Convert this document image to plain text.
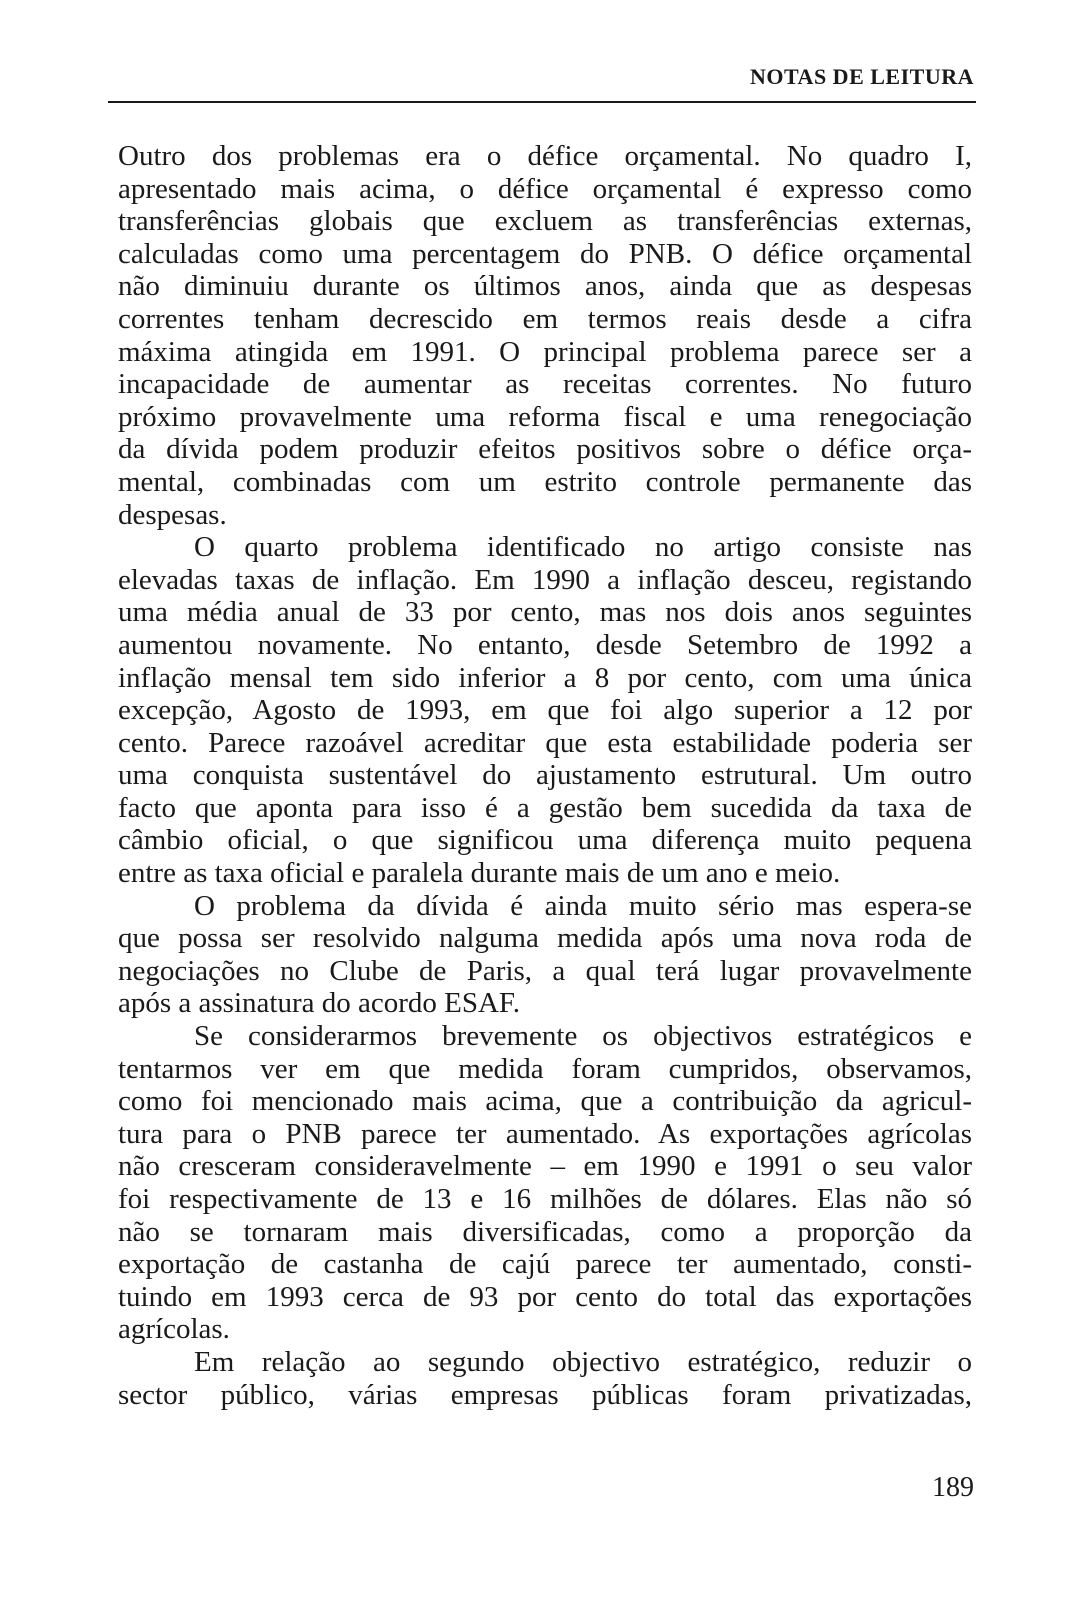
NOTAS DE LEITURA
Outro dos problemas era o défice orçamental. No quadro I,
apresentado mais acima, o défice orçamental é expresso como
transferências globais que excluem as transferências externas,
calculadas como uma percentagem do PNB. O défice orçamental
não diminuiu durante os últimos anos, ainda que as despesas
correntes tenham decrescido em termos reais desde a cifra
máxima atingida em 1991. O principal problema parece ser a
incapacidade de aumentar as receitas correntes. No futuro
próximo provavelmente uma reforma fiscal e uma renegociação
da dívida podem produzir efeitos positivos sobre o défice orça-
mental, combinadas com um estrito controle permanente das
despesas.
O quarto problema identificado no artigo consiste nas
elevadas taxas de inflação. Em 1990 a inflação desceu, registando
uma média anual de 33 por cento, mas nos dois anos seguintes
aumentou novamente. No entanto, desde Setembro de 1992 a
inflação mensal tem sido inferior a 8 por cento, com uma única
excepção, Agosto de 1993, em que foi algo superior a 12 por
cento. Parece razoável acreditar que esta estabilidade poderia ser
uma conquista sustentável do ajustamento estrutural. Um outro
facto que aponta para isso é a gestão bem sucedida da taxa de
câmbio oficial, o que significou uma diferença muito pequena
entre as taxa oficial e paralela durante mais de um ano e meio.
O problema da dívida é ainda muito sério mas espera-se
que possa ser resolvido nalguma medida após uma nova roda de
negociações no Clube de Paris, a qual terá lugar provavelmente
após a assinatura do acordo ESAF.
Se considerarmos brevemente os objectivos estratégicos e
tentarmos ver em que medida foram cumpridos, observamos,
como foi mencionado mais acima, que a contribuição da agricul-
tura para o PNB parece ter aumentado. As exportações agrícolas
não cresceram consideravelmente – em 1990 e 1991 o seu valor
foi respectivamente de 13 e 16 milhões de dólares. Elas não só
não se tornaram mais diversificadas, como a proporção da
exportação de castanha de cajú parece ter aumentado, consti-
tuindo em 1993 cerca de 93 por cento do total das exportações
agrícolas.
Em relação ao segundo objectivo estratégico, reduzir o
sector público, várias empresas públicas foram privatizadas,
189
